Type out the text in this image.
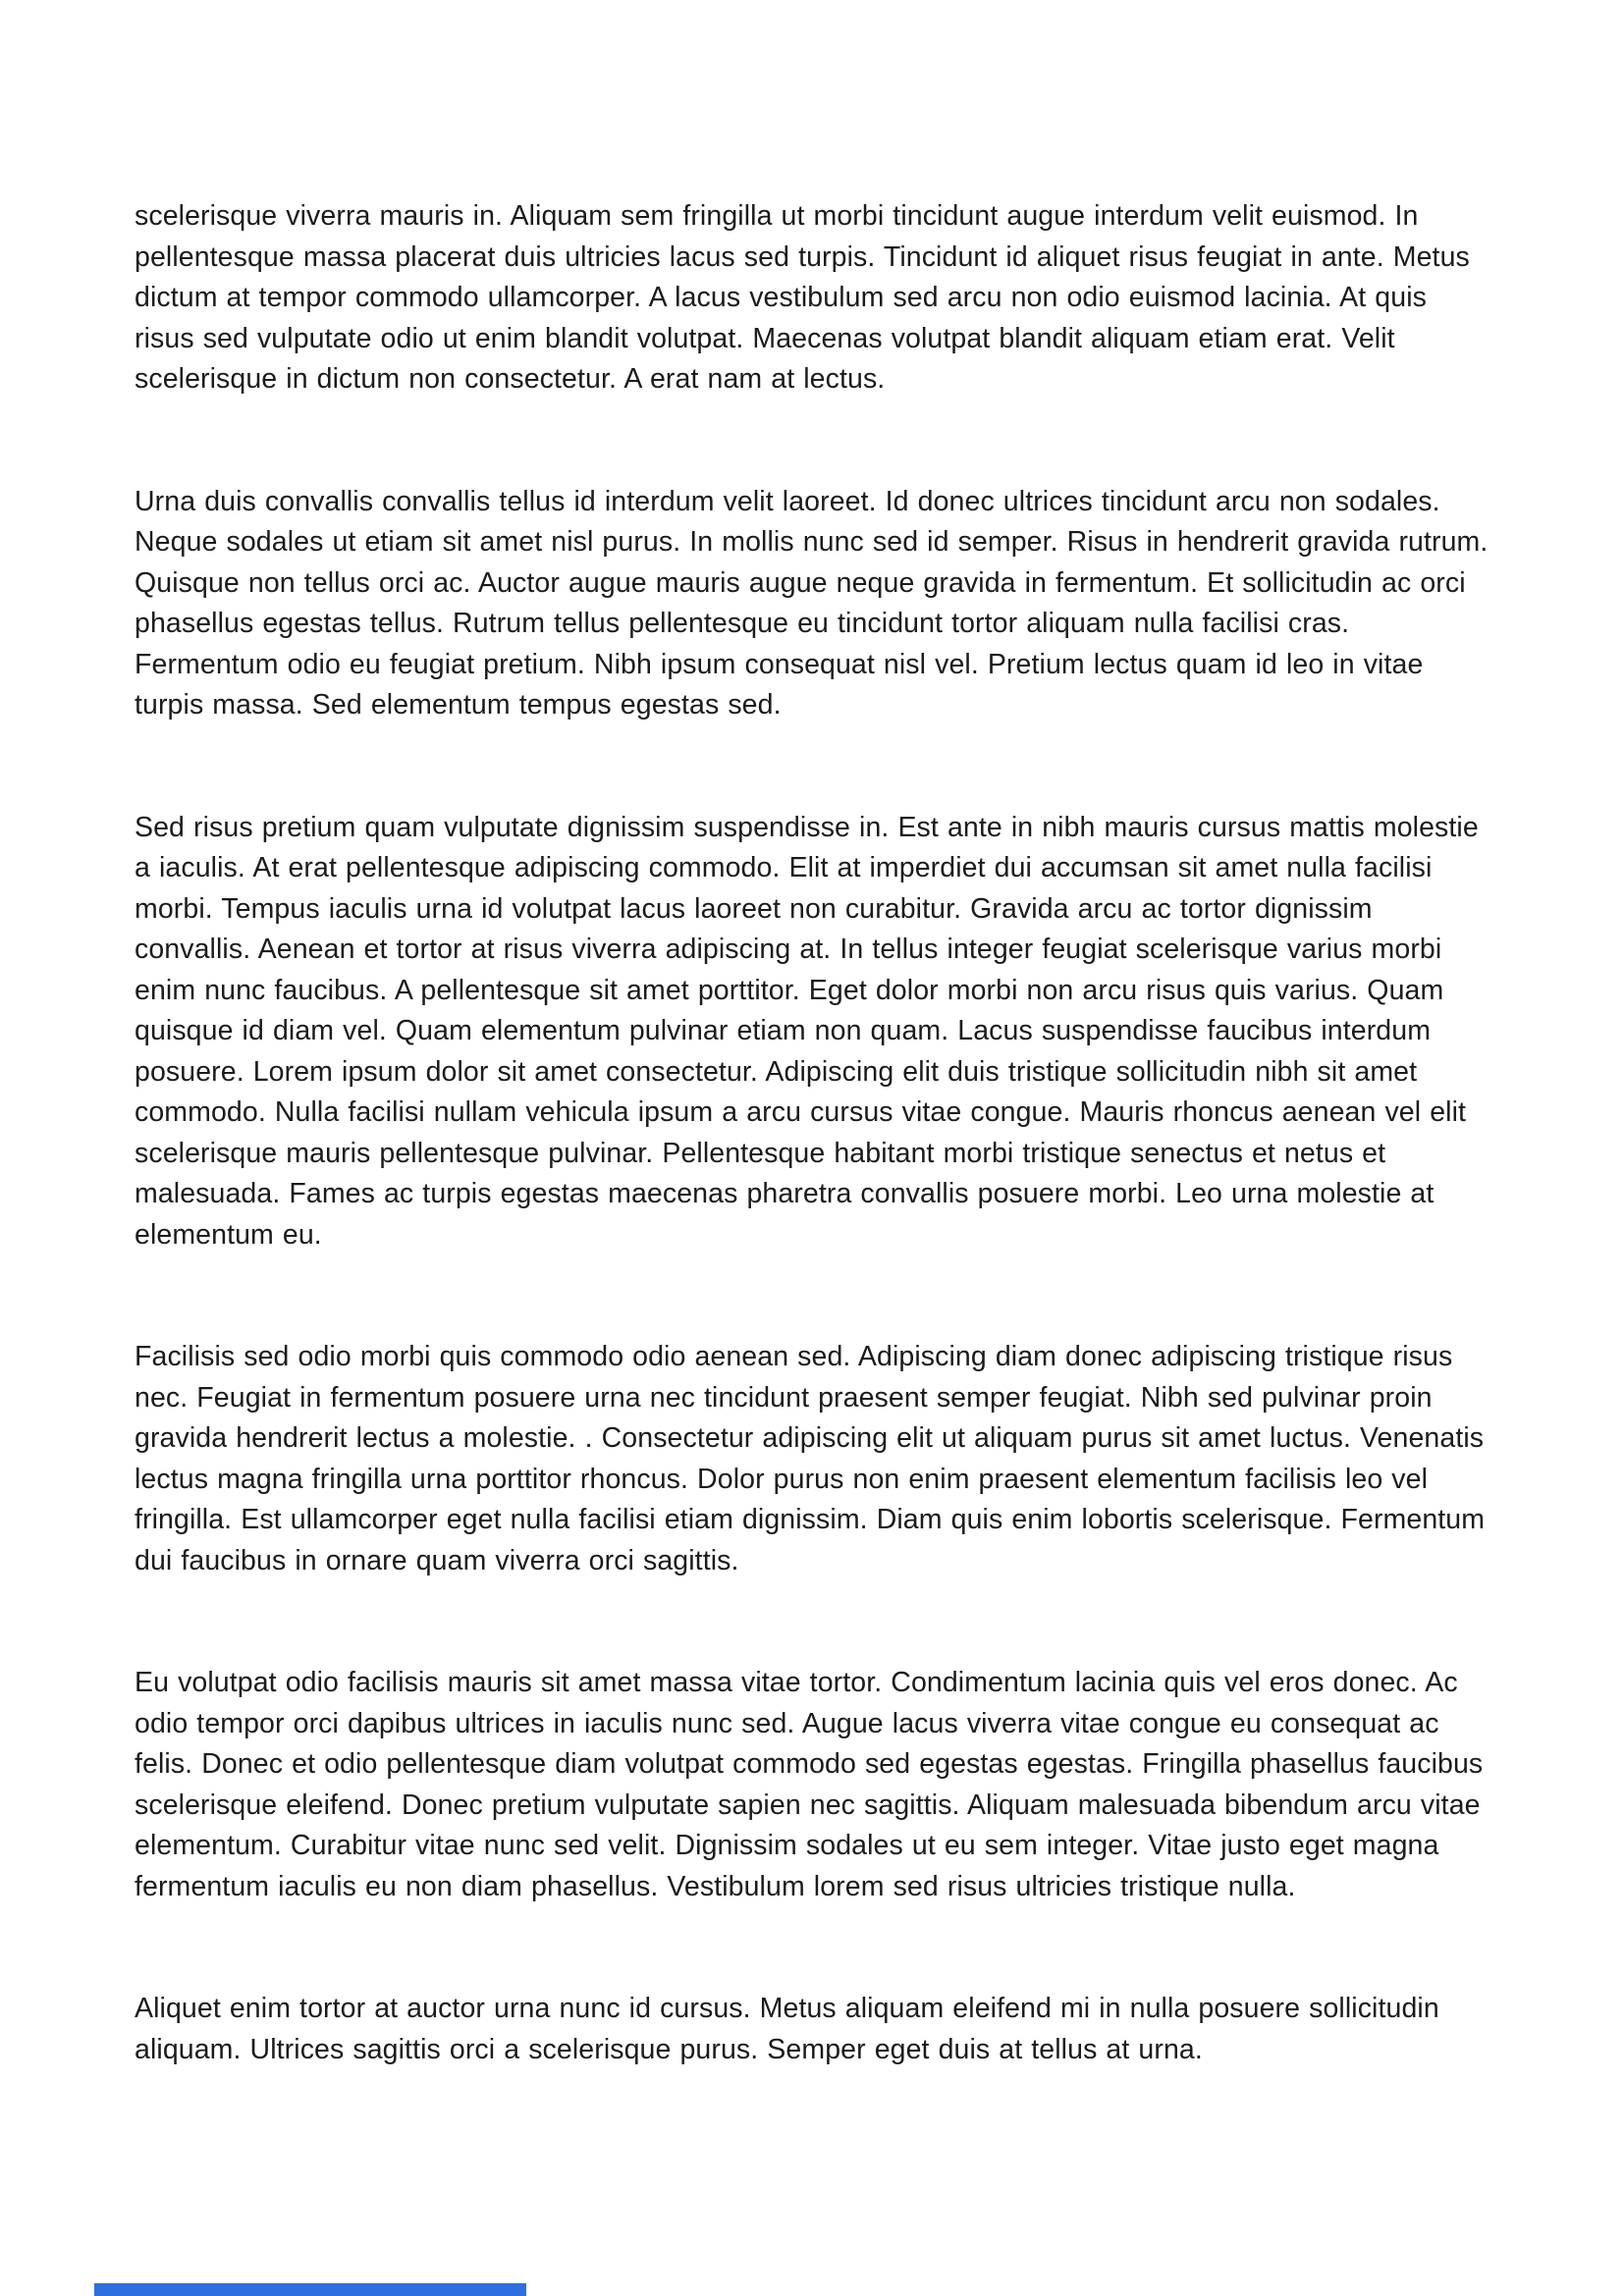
scelerisque viverra mauris in. Aliquam sem fringilla ut morbi tincidunt augue interdum velit euismod. In pellentesque massa placerat duis ultricies lacus sed turpis. Tincidunt id aliquet risus feugiat in ante. Metus dictum at tempor commodo ullamcorper. A lacus vestibulum sed arcu non odio euismod lacinia. At quis risus sed vulputate odio ut enim blandit volutpat. Maecenas volutpat blandit aliquam etiam erat. Velit scelerisque in dictum non consectetur. A erat nam at lectus.

Urna duis convallis convallis tellus id interdum velit laoreet. Id donec ultrices tincidunt arcu non sodales. Neque sodales ut etiam sit amet nisl purus. In mollis nunc sed id semper. Risus in hendrerit gravida rutrum. Quisque non tellus orci ac. Auctor augue mauris augue neque gravida in fermentum. Et sollicitudin ac orci phasellus egestas tellus. Rutrum tellus pellentesque eu tincidunt tortor aliquam nulla facilisi cras. Fermentum odio eu feugiat pretium. Nibh ipsum consequat nisl vel. Pretium lectus quam id leo in vitae turpis massa. Sed elementum tempus egestas sed.

Sed risus pretium quam vulputate dignissim suspendisse in. Est ante in nibh mauris cursus mattis molestie a iaculis. At erat pellentesque adipiscing commodo. Elit at imperdiet dui accumsan sit amet nulla facilisi morbi. Tempus iaculis urna id volutpat lacus laoreet non curabitur. Gravida arcu ac tortor dignissim convallis. Aenean et tortor at risus viverra adipiscing at. In tellus integer feugiat scelerisque varius morbi enim nunc faucibus. A pellentesque sit amet porttitor. Eget dolor morbi non arcu risus quis varius. Quam quisque id diam vel. Quam elementum pulvinar etiam non quam. Lacus suspendisse faucibus interdum posuere. Lorem ipsum dolor sit amet consectetur. Adipiscing elit duis tristique sollicitudin nibh sit amet commodo. Nulla facilisi nullam vehicula ipsum a arcu cursus vitae congue. Mauris rhoncus aenean vel elit scelerisque mauris pellentesque pulvinar. Pellentesque habitant morbi tristique senectus et netus et malesuada. Fames ac turpis egestas maecenas pharetra convallis posuere morbi. Leo urna molestie at elementum eu.

Facilisis sed odio morbi quis commodo odio aenean sed. Adipiscing diam donec adipiscing tristique risus nec. Feugiat in fermentum posuere urna nec tincidunt praesent semper feugiat. Nibh sed pulvinar proin gravida hendrerit lectus a molestie. . Consectetur adipiscing elit ut aliquam purus sit amet luctus. Venenatis lectus magna fringilla urna porttitor rhoncus. Dolor purus non enim praesent elementum facilisis leo vel fringilla. Est ullamcorper eget nulla facilisi etiam dignissim. Diam quis enim lobortis scelerisque. Fermentum dui faucibus in ornare quam viverra orci sagittis.

Eu volutpat odio facilisis mauris sit amet massa vitae tortor. Condimentum lacinia quis vel eros donec. Ac odio tempor orci dapibus ultrices in iaculis nunc sed. Augue lacus viverra vitae congue eu consequat ac felis. Donec et odio pellentesque diam volutpat commodo sed egestas egestas. Fringilla phasellus faucibus scelerisque eleifend. Donec pretium vulputate sapien nec sagittis. Aliquam malesuada bibendum arcu vitae elementum. Curabitur vitae nunc sed velit. Dignissim sodales ut eu sem integer. Vitae justo eget magna fermentum iaculis eu non diam phasellus. Vestibulum lorem sed risus ultricies tristique nulla.

Aliquet enim tortor at auctor urna nunc id cursus. Metus aliquam eleifend mi in nulla posuere sollicitudin aliquam. Ultrices sagittis orci a scelerisque purus. Semper eget duis at tellus at urna.
